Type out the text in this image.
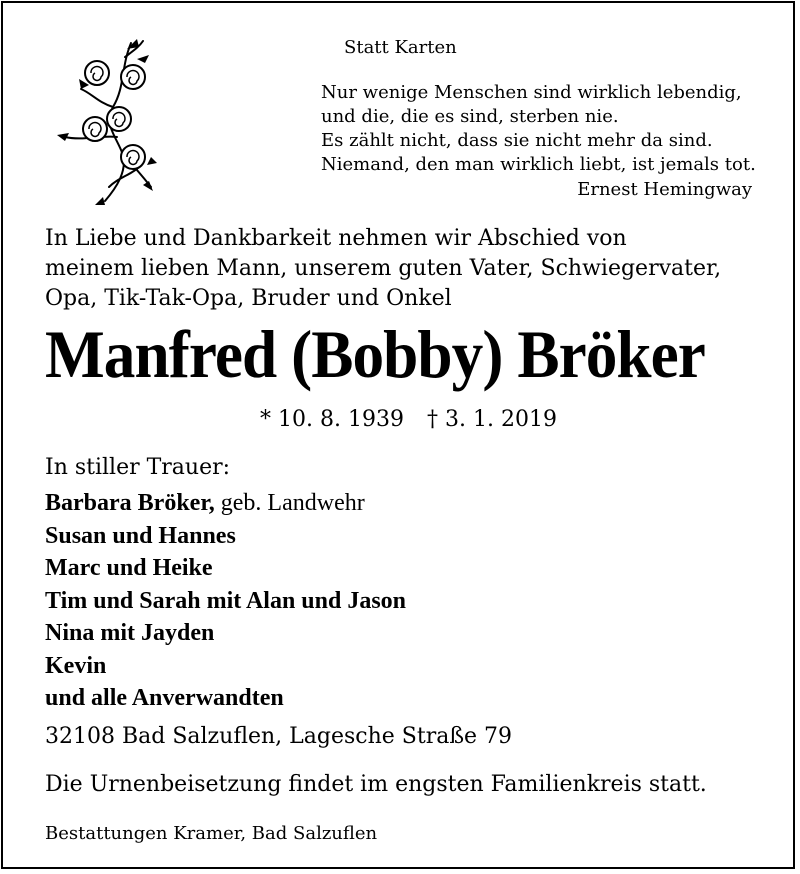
Statt Karten
Nur wenige Menschen sind wirklich lebendig,
und die, die es sind, sterben nie.
Es zählt nicht, dass sie nicht mehr da sind.
Niemand, den man wirklich liebt, ist jemals tot.
Ernest Hemingway
In Liebe und Dankbarkeit nehmen wir Abschied von
meinem lieben Mann, unserem guten Vater, Schwiegervater,
Opa, Tik-Tak-Opa, Bruder und Onkel
Manfred (Bobby) Bröker
* 10. 8. 1939 † 3. 1. 2019
In stiller Trauer:
Barbara Bröker, geb. Landwehr
Susan und Hannes
Marc und Heike
Tim und Sarah mit Alan und Jason
Nina mit Jayden
Kevin
und alle Anverwandten
32108 Bad Salzuflen, Lagesche Straße 79
Die Urnenbeisetzung findet im engsten Familienkreis statt.
Bestattungen Kramer, Bad Salzuflen
